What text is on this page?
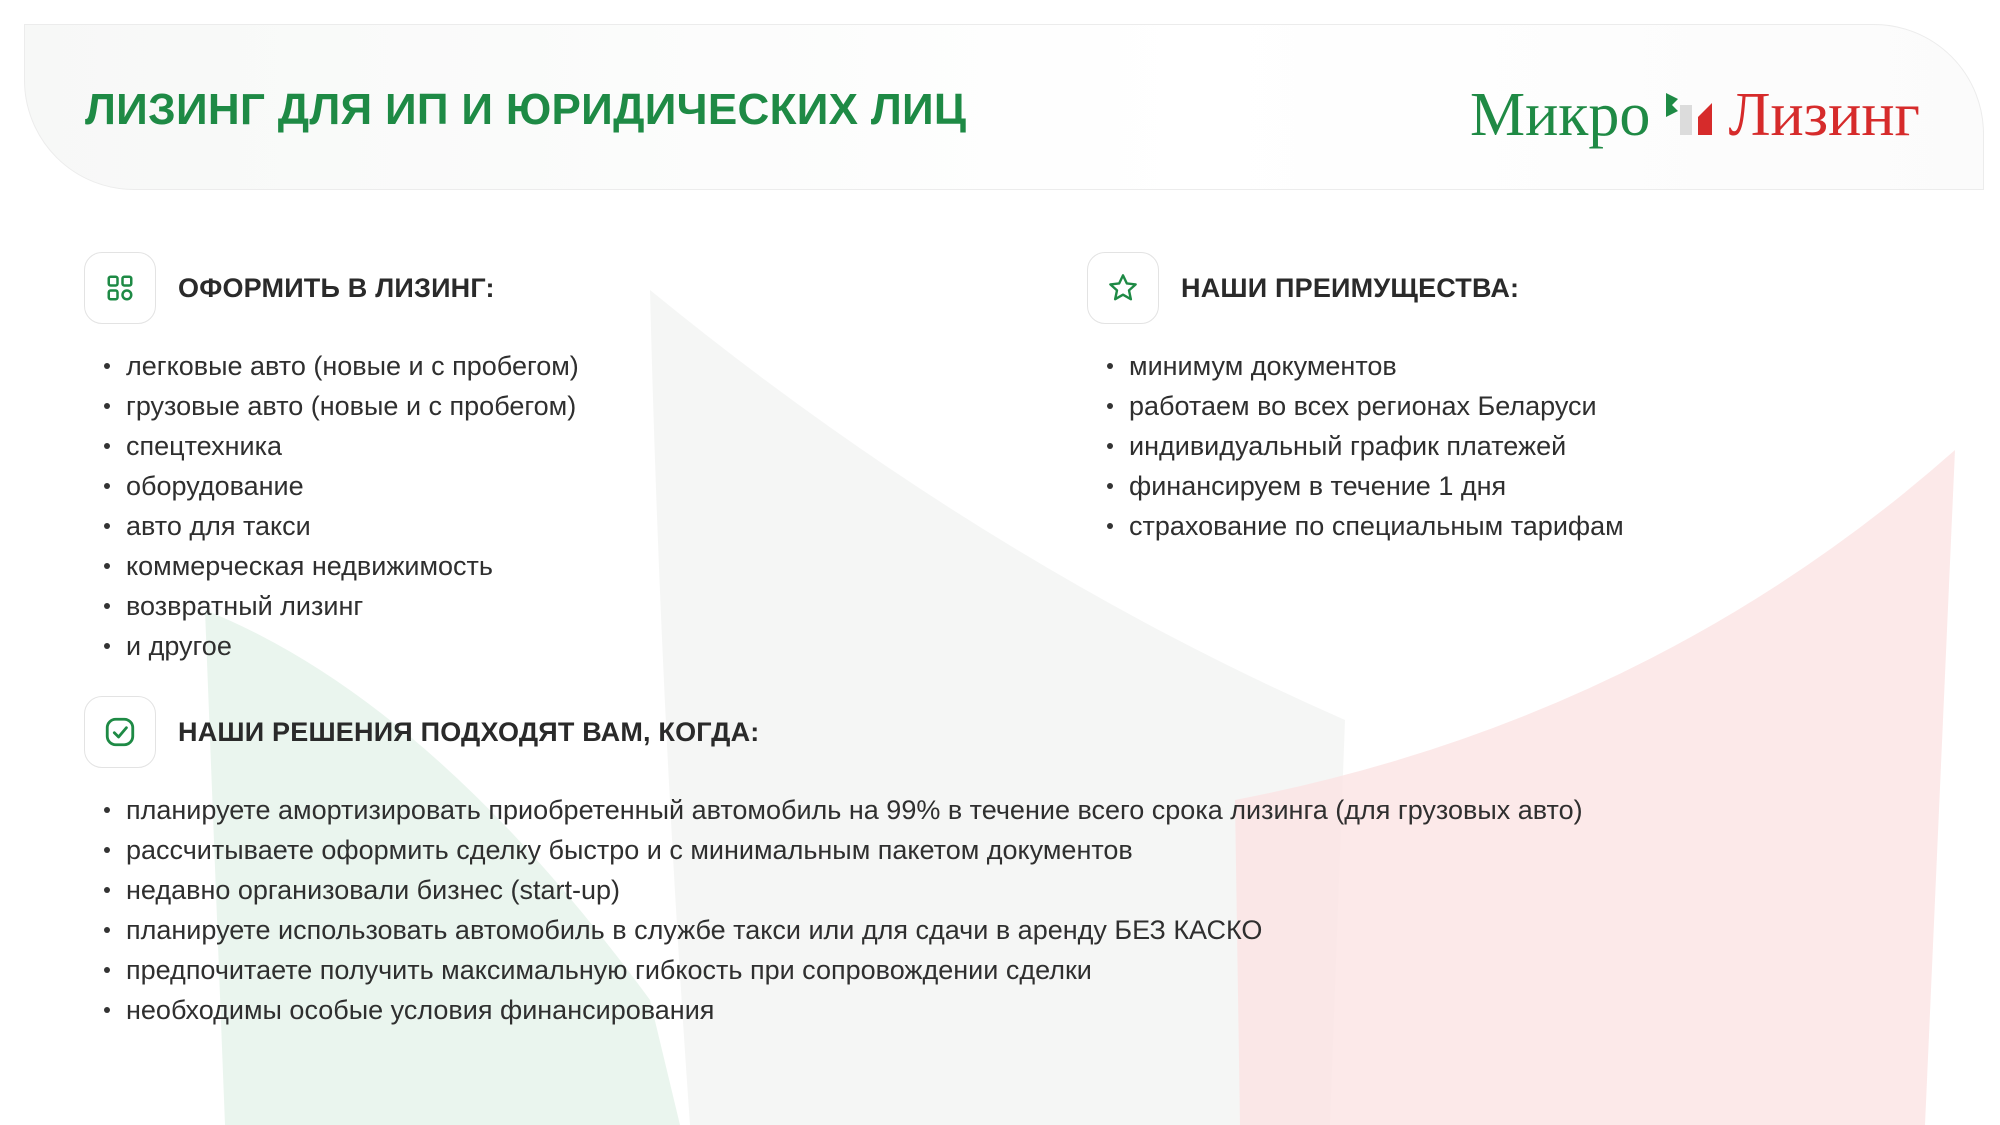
ЛИЗИНГ ДЛЯ ИП И ЮРИДИЧЕСКИХ ЛИЦ	Микро Лизинг
ОФОРМИТЬ В ЛИЗИНГ:
легковые авто (новые и с пробегом)
грузовые авто (новые и с пробегом)
спецтехника
оборудование
авто для такси
коммерческая недвижимость
возвратный лизинг
и другое
НАШИ ПРЕИМУЩЕСТВА:
минимум документов
работаем во всех регионах Беларуси
индивидуальный график платежей
финансируем в течение 1 дня
страхование по специальным тарифам
НАШИ РЕШЕНИЯ ПОДХОДЯТ ВАМ, КОГДА:
планируете амортизировать приобретенный автомобиль на 99% в течение всего срока лизинга (для грузовых авто)
рассчитываете оформить сделку быстро и с минимальным пакетом документов
недавно организовали бизнес (start-up)
планируете использовать автомобиль в службе такси или для сдачи в аренду БЕЗ КАСКО
предпочитаете получить максимальную гибкость при сопровождении сделки
необходимы особые условия финансирования
